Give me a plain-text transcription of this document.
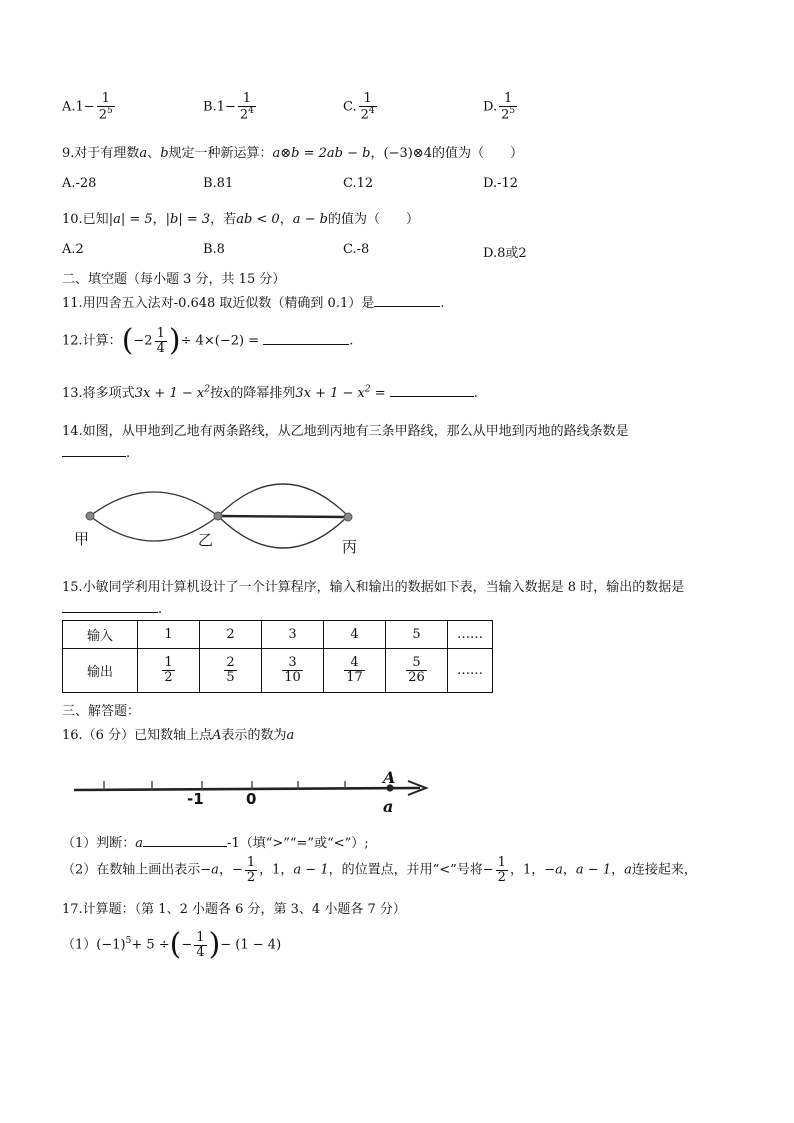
$A.1- \frac{1}{2^5}$	$B.1- \frac{1}{2^4}$	C. $\frac{1}{2^4}$	D. $\frac{1}{2^5}$
9.对于有理数a、b规定一种新运算：a⊗b = 2ab − b，(−3)⊗4的值为（　　）
A.-28	B.81	C.12	D.-12
10.已知|a| = 5，|b| = 3，若ab < 0，a − b的值为（　　）
A.2	B.8	C.-8	D.8或2
二、填空题（每小题 3 分，共 15 分）
11.用四舍五入法对-0.648 取近似数（精确到 0.1）是	.
12.计算：($-2 \frac{1}{4}$ )÷ 4×(−2) =	.
13.将多项式$3x + 1 - x^2$按x的降幂排列$3x + 1 - x^2$ =	.
14.如图，从甲地到乙地有两条路线，从乙地到丙地有三条甲路线，那么从甲地到丙地的路线条数是
.
甲	乙	丙
15.小敏同学利用计算机设计了一个计算程序，输入和输出的数据如下表，当输入数据是 8 时，输出的数据是
.
输入	1	2	3	4	5	……
输出	$\frac{1}{2}$	$\frac{2}{5}$	$\frac{3}{10}$	$\frac{4}{17}$	$\frac{5}{26}$	……
三、解答题：
16.（6 分）已知数轴上点A表示的数为a
-1	0
A
a
（1）判断：a	-1（填“>”“=”或“<”）;
（2）在数轴上画出表示−a，− $\frac{1}{2}$ ，1，a − 1，的位置点，并用“<”号将− $\frac{1}{2}$ ，1，−a，a − 1，a连接起来，
17.计算题：（第 1、2 小题各 6 分，第 3、4 小题各 7 分）
$(1)(-1)^5+ 5$ ÷(− $\frac{1}{4}$ )− (1 − 4)
